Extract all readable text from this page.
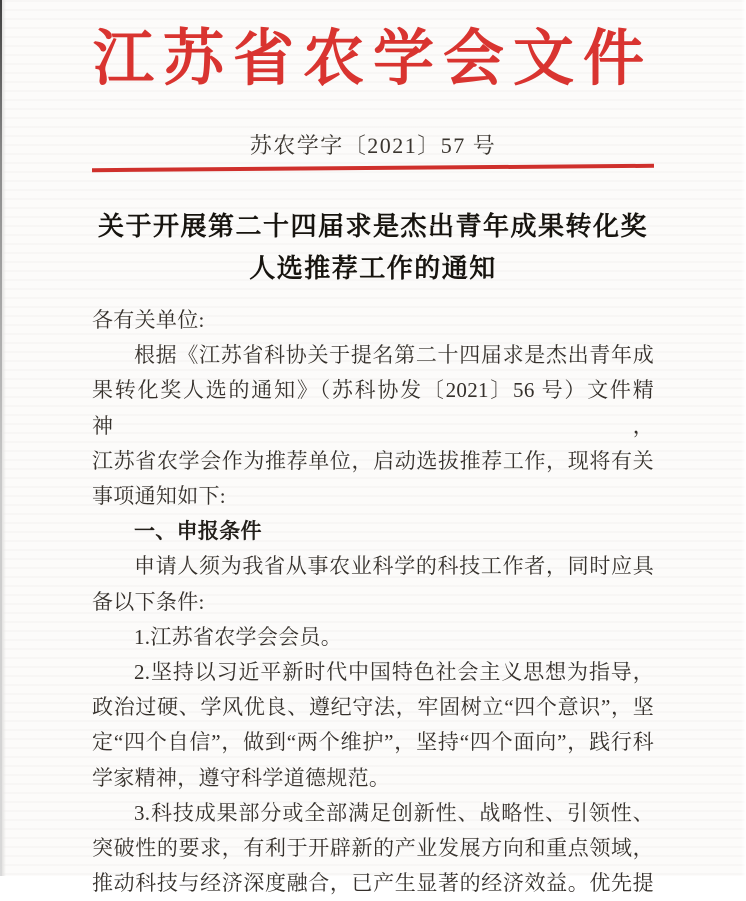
江苏省农学会文件
苏农学字〔2021〕57 号
关于开展第二十四届求是杰出青年成果转化奖
人选推荐工作的通知
各有关单位:
根据《江苏省科协关于提名第二十四届求是杰出青年成
果转化奖人选的通知》（苏科协发〔2021〕56 号）文件精神，
江苏省农学会作为推荐单位，启动选拔推荐工作，现将有关
事项通知如下:
一、申报条件
申请人须为我省从事农业科学的科技工作者，同时应具
备以下条件:
1.江苏省农学会会员。
2.坚持以习近平新时代中国特色社会主义思想为指导，
政治过硬、学风优良、遵纪守法，牢固树立“四个意识”，坚
定“四个自信”，做到“两个维护”，坚持“四个面向”，践行科
学家精神，遵守科学道德规范。
3.科技成果部分或全部满足创新性、战略性、引领性、
突破性的要求，有利于开辟新的产业发展方向和重点领域，
推动科技与经济深度融合，已产生显著的经济效益。优先提
